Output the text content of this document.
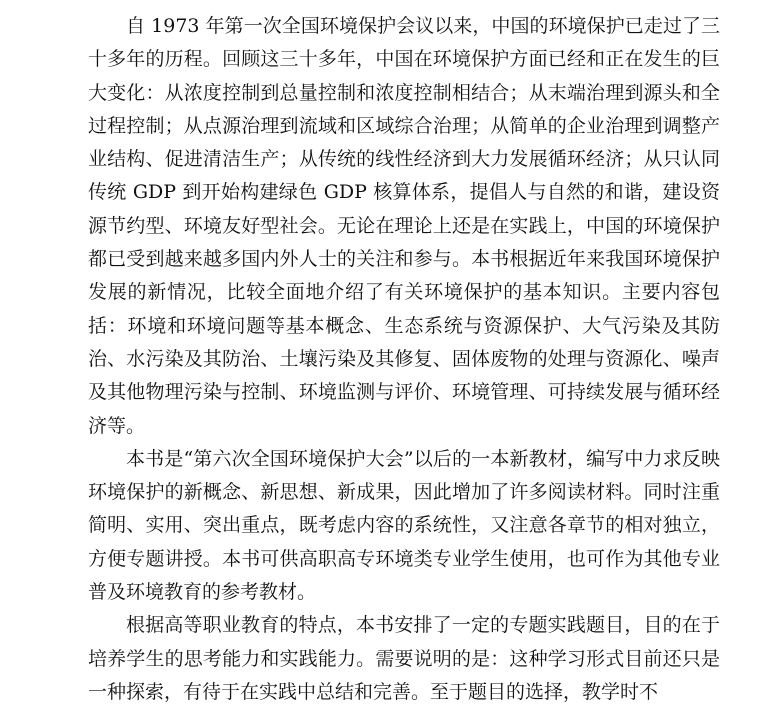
自 1973 年第一次全国环境保护会议以来，中国的环境保护已走过了三十多年的历程。回顾这三十多年，中国在环境保护方面已经和正在发生的巨大变化：从浓度控制到总量控制和浓度控制相结合；从末端治理到源头和全过程控制；从点源治理到流域和区域综合治理；从简单的企业治理到调整产业结构、促进清洁生产；从传统的线性经济到大力发展循环经济；从只认同传统 GDP 到开始构建绿色 GDP 核算体系，提倡人与自然的和谐，建设资源节约型、环境友好型社会。无论在理论上还是在实践上，中国的环境保护都已受到越来越多国内外人士的关注和参与。本书根据近年来我国环境保护发展的新情况，比较全面地介绍了有关环境保护的基本知识。主要内容包括：环境和环境问题等基本概念、生态系统与资源保护、大气污染及其防治、水污染及其防治、土壤污染及其修复、固体废物的处理与资源化、噪声及其他物理污染与控制、环境监测与评价、环境管理、可持续发展与循环经济等。

本书是“第六次全国环境保护大会”以后的一本新教材，编写中力求反映环境保护的新概念、新思想、新成果，因此增加了许多阅读材料。同时注重简明、实用、突出重点，既考虑内容的系统性，又注意各章节的相对独立，方便专题讲授。本书可供高职高专环境类专业学生使用，也可作为其他专业普及环境教育的参考教材。

根据高等职业教育的特点，本书安排了一定的专题实践题目，目的在于培养学生的思考能力和实践能力。需要说明的是：这种学习形式目前还只是一种探索，有待于在实践中总结和完善。至于题目的选择，教学时不
